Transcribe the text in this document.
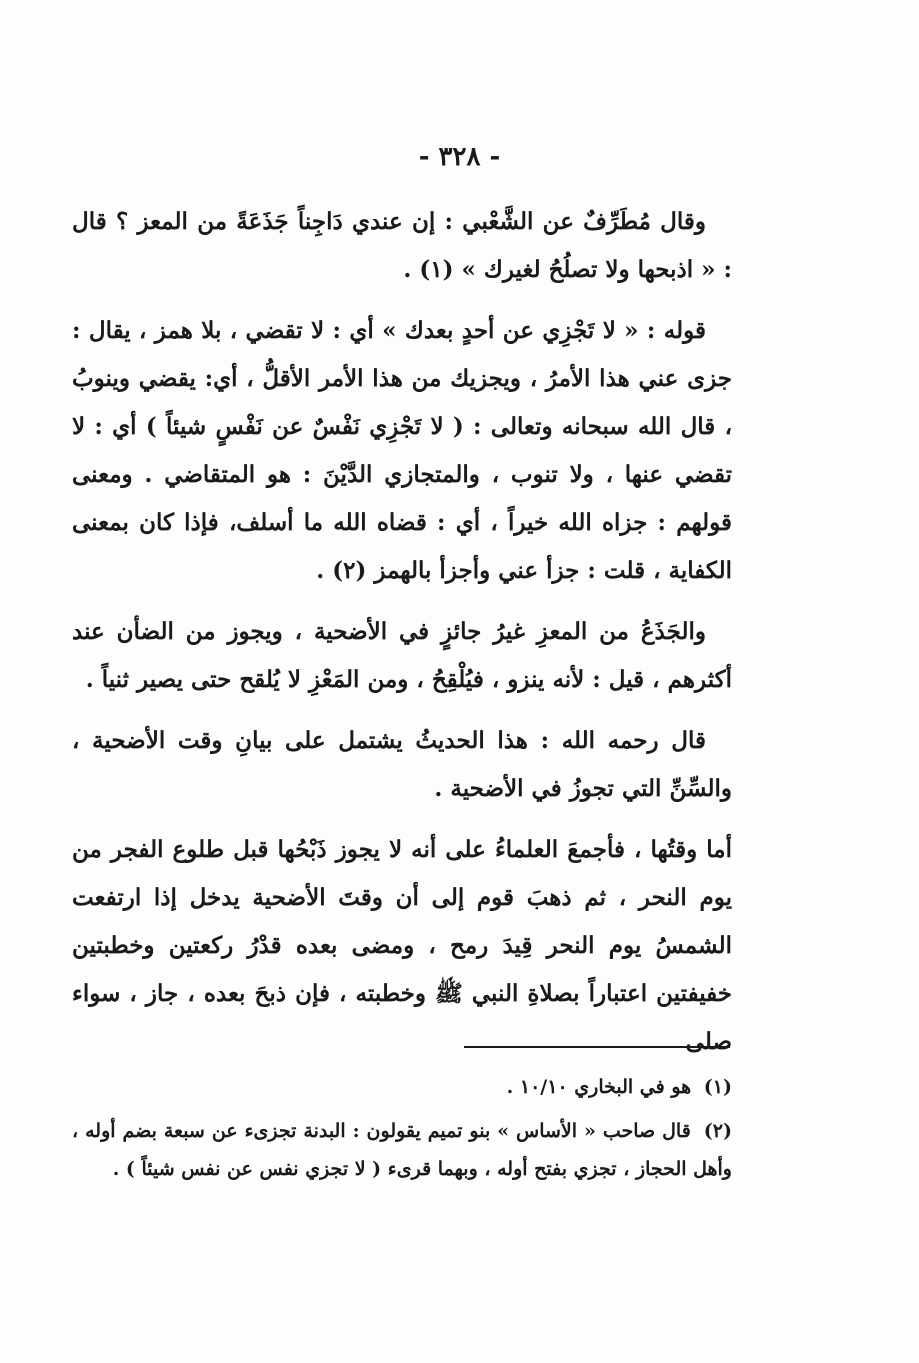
- ٣٢٨ -

وقال مُطَرِّفٌ عن الشَّعْبي : إن عندي دَاجِناً جَذَعَةً من المعز ؟ قال : « اذبحها ولا تصلُحُ لغيرك » (١) .

قوله : « لا تَجْزِي عن أحدٍ بعدك » أي : لا تقضي ، بلا همز ، يقال : جزى عني هذا الأمرُ ، ويجزيك من هذا الأمر الأقلُّ ، أي: يقضي وينوبُ ، قال الله سبحانه وتعالى : ( لا تَجْزِي نَفْسٌ عن نَفْسٍ شيئاً ) أي : لا تقضي عنها ، ولا تنوب ، والمتجازي الدَّيْنَ : هو المتقاضي . ومعنى قولهم : جزاه الله خيراً ، أي : قضاه الله ما أسلف، فإذا كان بمعنى الكفاية ، قلت : جزأ عني وأجزأ بالهمز (٢) .

والجَذَعُ من المعزِ غيرُ جائزٍ في الأضحية ، ويجوز من الضأن عند أكثرهم ، قيل : لأنه ينزو ، فيُلْقِحُ ، ومن المَعْزِ لا يُلقح حتى يصير ثنياً .

قال رحمه الله : هذا الحديثُ يشتمل على بيانِ وقت الأضحية ، والسِّنِّ التي تجوزُ في الأضحية .

أما وقتُها ، فأجمعَ العلماءُ على أنه لا يجوز ذَبْحُها قبل طلوع الفجر من يوم النحر ، ثم ذهبَ قوم إلى أن وقتَ الأضحية يدخل إذا ارتفعت الشمسُ يوم النحر قِيدَ رمح ، ومضى بعده قدْرُ ركعتين وخطبتين خفيفتين اعتباراً بصلاةِ النبي ﷺ وخطبته ، فإن ذبحَ بعده ، جاز ، سواء صلى

(١) هو في البخاري ١٠/١٠ .

(٢) قال صاحب « الأساس » بنو تميم يقولون : البدنة تجزىء عن سبعة بضم أوله ، وأهل الحجاز ، تجزي بفتح أوله ، وبهما قرىء ( لا تجزي نفس عن نفس شيئاً ) .
